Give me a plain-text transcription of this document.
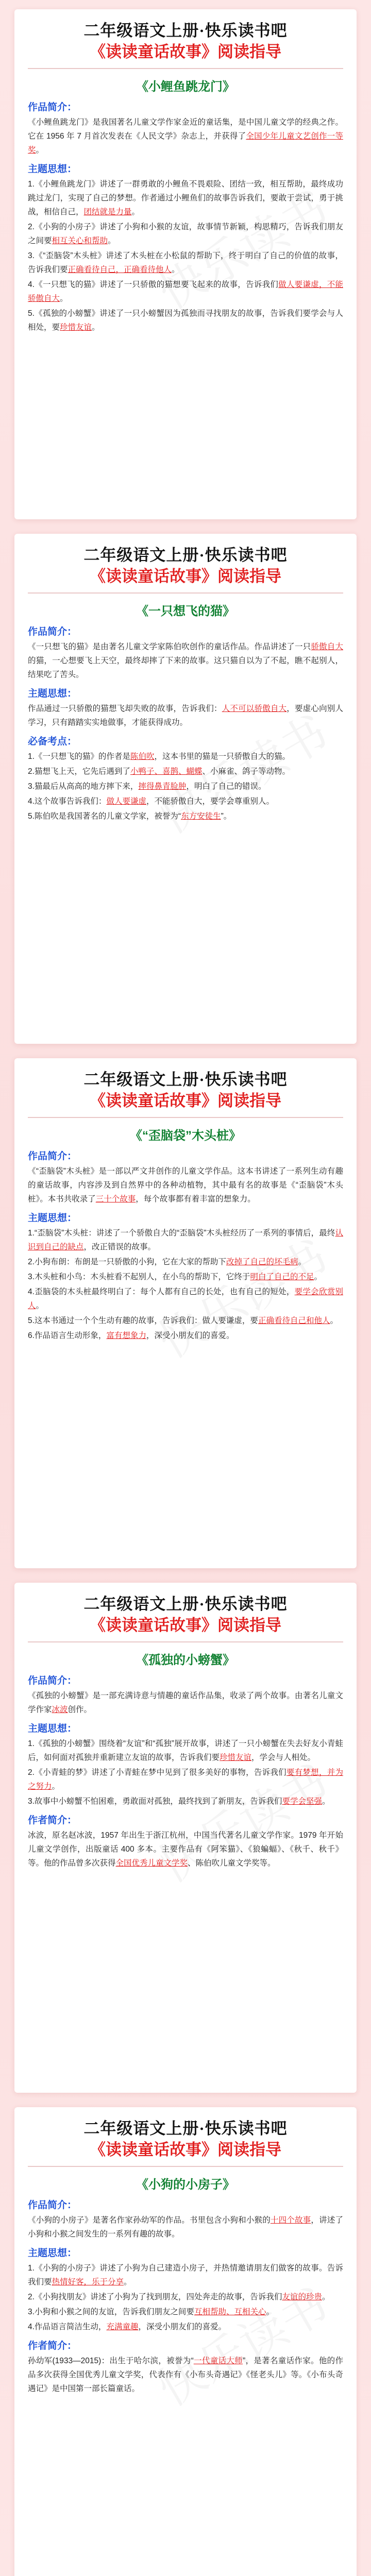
二年级语文上册·快乐读书吧
《读读童话故事》阅读指导
《小鲤鱼跳龙门》
作品简介：

《小鲤鱼跳龙门》是我国著名儿童文学作家金近的童话集，是中国儿童文学的经典之作。它在 1956 年 7 月首次发表在《人民文学》杂志上，并获得了全国少年儿童文艺创作一等奖。

主题思想：

1.《小鲤鱼跳龙门》讲述了一群勇敢的小鲤鱼不畏艰险、团结一致，相互帮助，最终成功跳过龙门，实现了自己的梦想。作者通过小鲤鱼们的故事告诉我们，要敢于尝试，勇于挑战，相信自己，团结就是力量。

2.《小狗的小房子》讲述了小狗和小猴的友谊，故事情节新颖，构思精巧，告诉我们朋友之间要相互关心和帮助。

3.《“歪脑袋”木头桩》讲述了木头桩在小松鼠的帮助下，终于明白了自己的价值的故事，告诉我们要正确看待自己，正确看待他人。

4.《一只想飞的猫》讲述了一只骄傲的猫想要飞起来的故事，告诉我们做人要谦虚，不能骄傲自大。

5.《孤独的小螃蟹》讲述了一只小螃蟹因为孤独而寻找朋友的故事，告诉我们要学会与人相处，要珍惜友谊。

二年级语文上册·快乐读书吧
《读读童话故事》阅读指导
《一只想飞的猫》
作品简介：

《一只想飞的猫》是由著名儿童文学家陈伯吹创作的童话作品。作品讲述了一只骄傲自大的猫，一心想要飞上天空，最终却摔了下来的故事。这只猫自以为了不起，瞧不起别人，结果吃了苦头。

主题思想：

作品通过一只骄傲的猫想飞却失败的故事，告诉我们：人不可以骄傲自大，要虚心向别人学习，只有踏踏实实地做事，才能获得成功。

必备考点：

1.《一只想飞的猫》的作者是陈伯吹，这本书里的猫是一只骄傲自大的猫。

2.猫想飞上天，它先后遇到了小鸭子、喜鹊、蝴蝶、小麻雀、鸽子等动物。

3.猫最后从高高的地方摔下来，摔得鼻青脸肿，明白了自己的错误。

4.这个故事告诉我们：做人要谦虚，不能骄傲自大，要学会尊重别人。

5.陈伯吹是我国著名的儿童文学家，被誉为“东方安徒生”。

二年级语文上册·快乐读书吧
《读读童话故事》阅读指导
《“歪脑袋”木头桩》
作品简介：

《“歪脑袋”木头桩》是一部以严文井创作的儿童文学作品。这本书讲述了一系列生动有趣的童话故事，内容涉及到自然界中的各种动植物，其中最有名的故事是《“歪脑袋”木头桩》。本书共收录了三十个故事，每个故事都有着丰富的想象力。

主题思想：

1.“歪脑袋”木头桩：讲述了一个骄傲自大的“歪脑袋”木头桩经历了一系列的事情后，最终认识到自己的缺点，改正错误的故事。

2.小狗布朗：布朗是一只骄傲的小狗，它在大家的帮助下改掉了自己的坏毛病。

3.木头桩和小鸟：木头桩看不起别人，在小鸟的帮助下，它终于明白了自己的不足。

4.歪脑袋的木头桩最终明白了：每个人都有自己的长处，也有自己的短处，要学会欣赏别人。

5.这本书通过一个个生动有趣的故事，告诉我们：做人要谦虚，要正确看待自己和他人。

6.作品语言生动形象，富有想象力，深受小朋友们的喜爱。

二年级语文上册·快乐读书吧
《读读童话故事》阅读指导
《孤独的小螃蟹》
作品简介：

《孤独的小螃蟹》是一部充满诗意与情趣的童话作品集，收录了两个故事。由著名儿童文学作家冰波创作。

主题思想：

1.《孤独的小螃蟹》围绕着“友谊”和“孤独”展开故事，讲述了一只小螃蟹在失去好友小青蛙后，如何面对孤独并重新建立友谊的故事，告诉我们要珍惜友谊，学会与人相处。

2.《小青蛙的梦》讲述了小青蛙在梦中见到了很多美好的事物，告诉我们要有梦想，并为之努力。

3.故事中小螃蟹不怕困难，勇敢面对孤独，最终找到了新朋友，告诉我们要学会坚强。

作者简介：

冰波，原名赵冰波，1957 年出生于浙江杭州，中国当代著名儿童文学作家。1979 年开始儿童文学创作，出版童话 400 多本。主要作品有《阿笨猫》、《狼蝙蝠》、《秋千、秋千》等。他的作品曾多次获得全国优秀儿童文学奖、陈伯吹儿童文学奖等。

二年级语文上册·快乐读书吧
《读读童话故事》阅读指导
《小狗的小房子》
作品简介：

《小狗的小房子》是著名作家孙幼军的作品。书里包含小狗和小猴的十四个故事，讲述了小狗和小猴之间发生的一系列有趣的故事。

主题思想：

1.《小狗的小房子》讲述了小狗为自己建造小房子，并热情邀请朋友们做客的故事。告诉我们要热情好客，乐于分享。

2.《小狗找朋友》讲述了小狗为了找到朋友，四处奔走的故事，告诉我们友谊的珍贵。

3.小狗和小猴之间的友谊，告诉我们朋友之间要互相帮助、互相关心。

4.作品语言简洁生动，充满童趣，深受小朋友们的喜爱。

作者简介：

孙幼军(1933—2015)：出生于哈尔滨，被誉为“一代童话大师”，是著名童话作家。他的作品多次获得全国优秀儿童文学奖，代表作有《小布头奇遇记》《怪老头儿》等。《小布头奇遇记》是中国第一部长篇童话。
